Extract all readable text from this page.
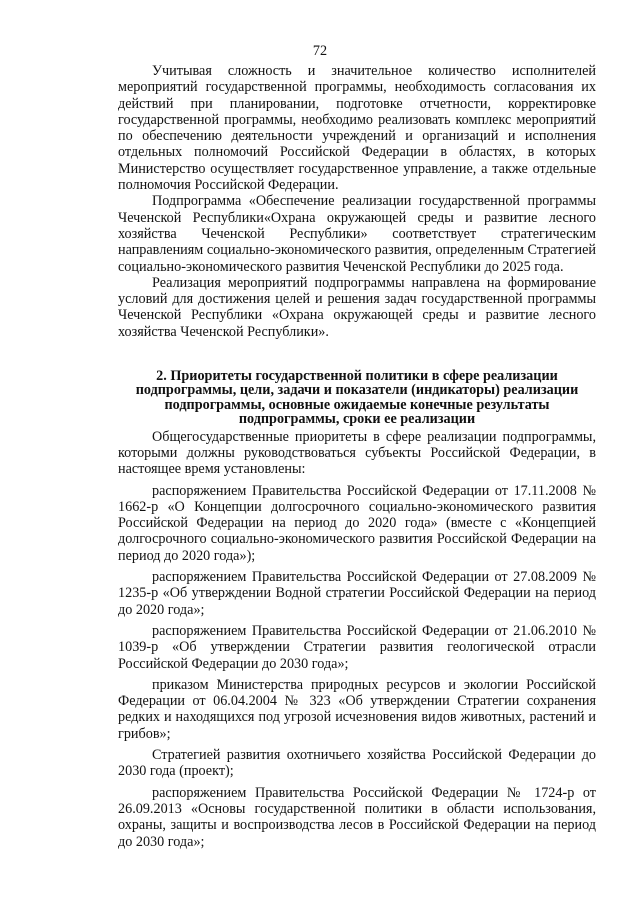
72

Учитывая сложность и значительное количество исполнителей мероприятий государственной программы, необходимость согласования их действий при планировании, подготовке отчетности, корректировке государственной программы, необходимо реализовать комплекс мероприятий по обеспечению деятельности учреждений и организаций и исполнения отдельных полномочий Российской Федерации в областях, в которых Министерство осуществляет государственное управление, а также отдельные полномочия Российской Федерации.

Подпрограмма «Обеспечение реализации государственной программы Чеченской Республики«Охрана окружающей среды и развитие лесного хозяйства Чеченской Республики» соответствует стратегическим направлениям социально-экономического развития, определенным Стратегией социально-экономического развития Чеченской Республики до 2025 года.

Реализация мероприятий подпрограммы направлена на формирование условий для достижения целей и решения задач государственной программы Чеченской Республики «Охрана окружающей среды и развитие лесного хозяйства Чеченской Республики».

2. Приоритеты государственной политики в сфере реализации подпрограммы, цели, задачи и показатели (индикаторы) реализации подпрограммы, основные ожидаемые конечные результаты подпрограммы, сроки ее реализации

Общегосударственные приоритеты в сфере реализации подпрограммы, которыми должны руководствоваться субъекты Российской Федерации, в настоящее время установлены:

распоряжением Правительства Российской Федерации от 17.11.2008 № 1662-р «О Концепции долгосрочного социально-экономического развития Российской Федерации на период до 2020 года» (вместе с «Концепцией долгосрочного социально-экономического развития Российской Федерации на период до 2020 года»);

распоряжением Правительства Российской Федерации от 27.08.2009 № 1235-р «Об утверждении Водной стратегии Российской Федерации на период до 2020 года»;

распоряжением Правительства Российской Федерации от 21.06.2010 № 1039-р «Об утверждении Стратегии развития геологической отрасли Российской Федерации до 2030 года»;

приказом Министерства природных ресурсов и экологии Российской Федерации от 06.04.2004 № 323 «Об утверждении Стратегии сохранения редких и находящихся под угрозой исчезновения видов животных, растений и грибов»;

Стратегией развития охотничьего хозяйства Российской Федерации до 2030 года (проект);

распоряжением Правительства Российской Федерации № 1724-р от 26.09.2013 «Основы государственной политики в области использования, охраны, защиты и воспроизводства лесов в Российской Федерации на период до 2030 года»;
